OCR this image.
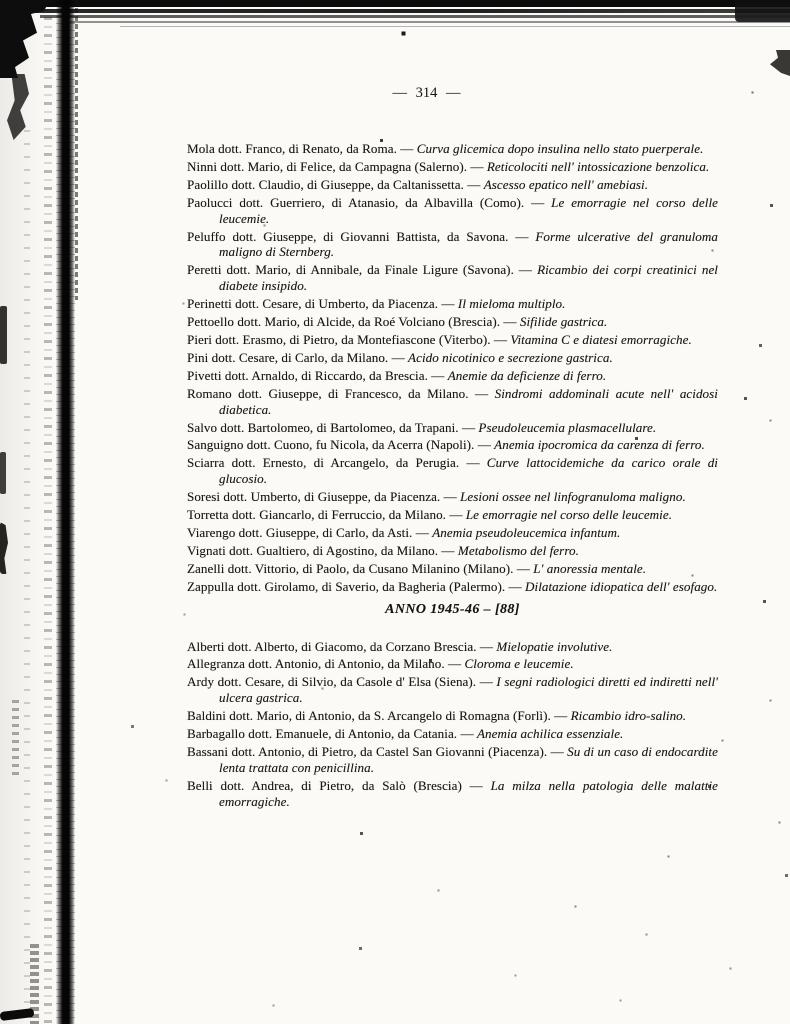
— 314 —

Mola dott. Franco, di Renato, da Roma. — Curva glicemica dopo insulina nello stato puerperale.

Ninni dott. Mario, di Felice, da Campagna (Salerno). — Reticolociti nell' intossicazione benzolica.

Paolillo dott. Claudio, di Giuseppe, da Caltanissetta. — Ascesso epatico nell' amebiasi.

Paolucci dott. Guerriero, di Atanasio, da Albavilla (Como). — Le emorragie nel corso delle leucemie.

Peluffo dott. Giuseppe, di Giovanni Battista, da Savona. — Forme ulcerative del granuloma maligno di Sternberg.

Peretti dott. Mario, di Annibale, da Finale Ligure (Savona). — Ricambio dei corpi creatinici nel diabete insipido.

Perinetti dott. Cesare, di Umberto, da Piacenza. — Il mieloma multiplo.

Pettoello dott. Mario, di Alcide, da Roé Volciano (Brescia). — Sifilide gastrica.

Pieri dott. Erasmo, di Pietro, da Montefiascone (Viterbo). — Vitamina C e diatesi emorragiche.

Pini dott. Cesare, di Carlo, da Milano. — Acido nicotinico e secrezione gastrica.

Pivetti dott. Arnaldo, di Riccardo, da Brescia. — Anemie da deficienze di ferro.

Romano dott. Giuseppe, di Francesco, da Milano. — Sindromi addominali acute nell' acidosi diabetica.

Salvo dott. Bartolomeo, di Bartolomeo, da Trapani. — Pseudoleucemia plasmacellulare.

Sanguigno dott. Cuono, fu Nicola, da Acerra (Napoli). — Anemia ipocromica da carenza di ferro.

Sciarra dott. Ernesto, di Arcangelo, da Perugia. — Curve lattocidemiche da carico orale di glucosio.

Soresi dott. Umberto, di Giuseppe, da Piacenza. — Lesioni ossee nel linfogranuloma maligno.

Torretta dott. Giancarlo, di Ferruccio, da Milano. — Le emorragie nel corso delle leucemie.

Viarengo dott. Giuseppe, di Carlo, da Asti. — Anemia pseudoleucemica infantum.

Vignati dott. Gualtiero, di Agostino, da Milano. — Metabolismo del ferro.

Zanelli dott. Vittorio, di Paolo, da Cusano Milanino (Milano). — L' anoressia mentale.

Zappulla dott. Girolamo, di Saverio, da Bagheria (Palermo). — Dilatazione idiopatica dell' esofago.

ANNO 1945-46 – [88]

Alberti dott. Alberto, di Giacomo, da Corzano Brescia. — Mielopatie involutive.

Allegranza dott. Antonio, di Antonio, da Milano. — Cloroma e leucemie.

Ardy dott. Cesare, di Silvio, da Casole d' Elsa (Siena). — I segni radiologici diretti ed indiretti nell' ulcera gastrica.

Baldini dott. Mario, di Antonio, da S. Arcangelo di Romagna (Forlì). — Ricambio idro-salino.

Barbagallo dott. Emanuele, di Antonio, da Catania. — Anemia achilica essenziale.

Bassani dott. Antonio, di Pietro, da Castel San Giovanni (Piacenza). — Su di un caso di endocardite lenta trattata con penicillina.

Belli dott. Andrea, di Pietro, da Salò (Brescia) — La milza nella patologia delle malattie emorragiche.
